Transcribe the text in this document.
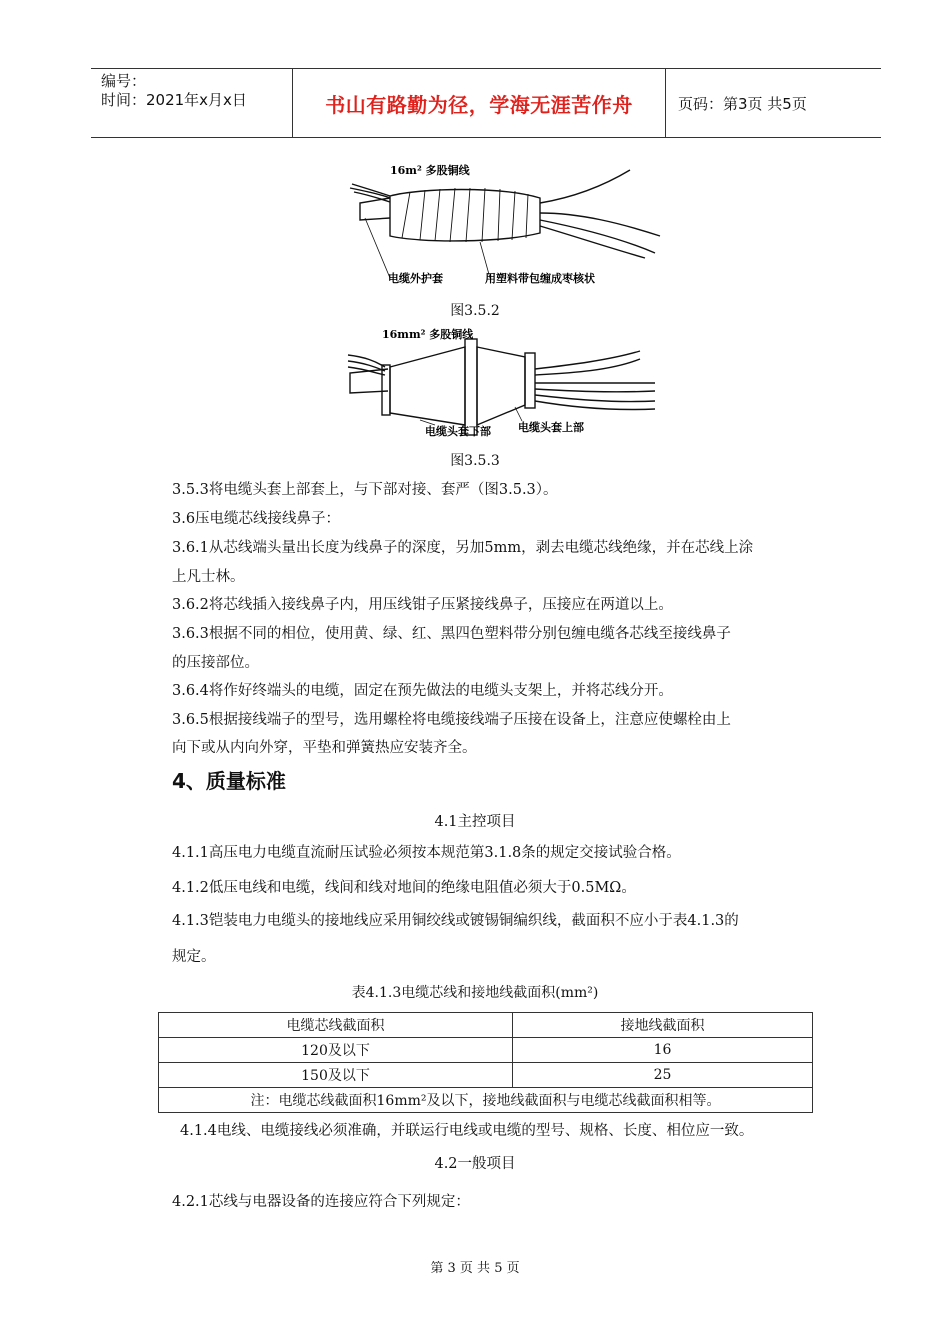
编号：
时间：2021年x月x日	书山有路勤为径，学海无涯苦作舟	页码：第3页 共5页
16m² 多股铜线
电缆外护套	用塑料带包缠成枣核状
图3.5.2
16mm² 多股铜线
电缆头套下部 电缆头套上部
图3.5.3
3.5.3将电缆头套上部套上，与下部对接、套严（图3.5.3）。
3.6压电缆芯线接线鼻子：
3.6.1从芯线端头量出长度为线鼻子的深度，另加5mm，剥去电缆芯线绝缘，并在芯线上涂
上凡士林。
3.6.2将芯线插入接线鼻子内，用压线钳子压紧接线鼻子，压接应在两道以上。
3.6.3根据不同的相位，使用黄、绿、红、黑四色塑料带分别包缠电缆各芯线至接线鼻子
的压接部位。
3.6.4将作好终端头的电缆，固定在预先做法的电缆头支架上，并将芯线分开。
3.6.5根据接线端子的型号，选用螺栓将电缆接线端子压接在设备上，注意应使螺栓由上
向下或从内向外穿，平垫和弹簧热应安装齐全。
4、质量标准
4.1主控项目
4.1.1高压电力电缆直流耐压试验必须按本规范第3.1.8条的规定交接试验合格。
4.1.2低压电线和电缆，线间和线对地间的绝缘电阻值必须大于0.5MΩ。
4.1.3铠装电力电缆头的接地线应采用铜绞线或镀锡铜编织线，截面积不应小于表4.1.3的
规定。
表4.1.3电缆芯线和接地线截面积(mm²)
电缆芯线截面积	接地线截面积
120及以下	16
150及以下	25
注：电缆芯线截面积16mm²及以下，接地线截面积与电缆芯线截面积相等。	
4.1.4电线、电缆接线必须准确，并联运行电线或电缆的型号、规格、长度、相位应一致。
4.2一般项目
4.2.1芯线与电器设备的连接应符合下列规定：
第 3 页 共 5 页
